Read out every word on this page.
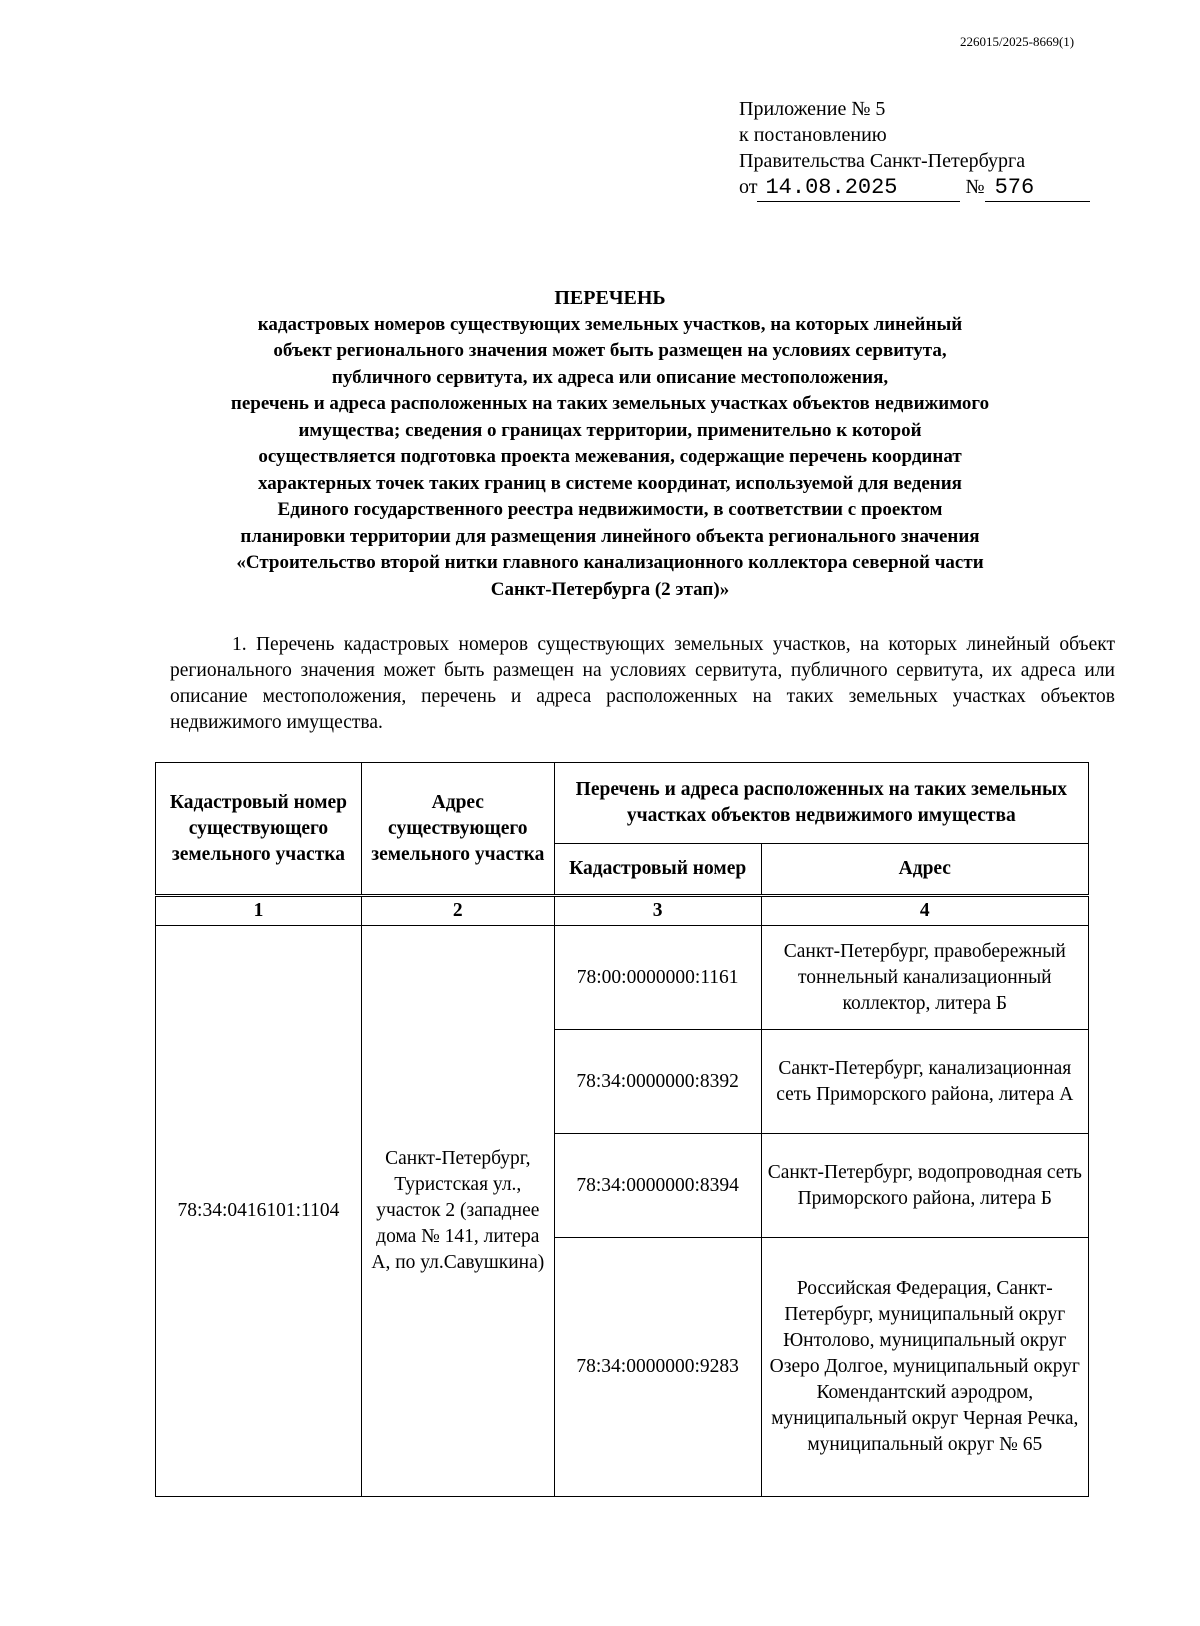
226015/2025-8669(1)
Приложение № 5
к постановлению
Правительства Санкт-Петербурга
от 14.08.2025	№ 576
ПЕРЕЧЕНЬ
кадастровых номеров существующих земельных участков, на которых линейный
объект регионального значения может быть размещен на условиях сервитута,
публичного сервитута, их адреса или описание местоположения,
перечень и адреса расположенных на таких земельных участках объектов недвижимого
имущества; сведения о границах территории, применительно к которой
осуществляется подготовка проекта межевания, содержащие перечень координат
характерных точек таких границ в системе координат, используемой для ведения
Единого государственного реестра недвижимости, в соответствии с проектом
планировки территории для размещения линейного объекта регионального значения
«Строительство второй нитки главного канализационного коллектора северной части
Санкт-Петербурга (2 этап)»

1. Перечень кадастровых номеров существующих земельных участков, на которых линейный объект регионального значения может быть размещен на условиях сервитута, публичного сервитута, их адреса или описание местоположения, перечень и адреса расположенных на таких земельных участках объектов недвижимого имущества.

Кадастровый номер существующего земельного участка	Адрес существующего земельного участка	Перечень и адреса расположенных на таких земельных участках объектов недвижимого имущества	
		Кадастровый номер	Адрес
1	2	3	4
78:34:0416101:1104	Санкт-Петербург, Туристская ул., участок 2 (западнее дома № 141, литера А, по ул.Савушкина)	78:00:0000000:1161	Санкт-Петербург, правобережный тоннельный канализационный коллектор, литера Б
		78:34:0000000:8392	Санкт-Петербург, канализационная сеть Приморского района, литера А
		78:34:0000000:8394	Санкт-Петербург, водопроводная сеть Приморского района, литера Б
		78:34:0000000:9283	Российская Федерация, Санкт-Петербург, муниципальный округ Юнтолово, муниципальный округ Озеро Долгое, муниципальный округ Комендантский аэродром, муниципальный округ Черная Речка, муниципальный округ № 65
